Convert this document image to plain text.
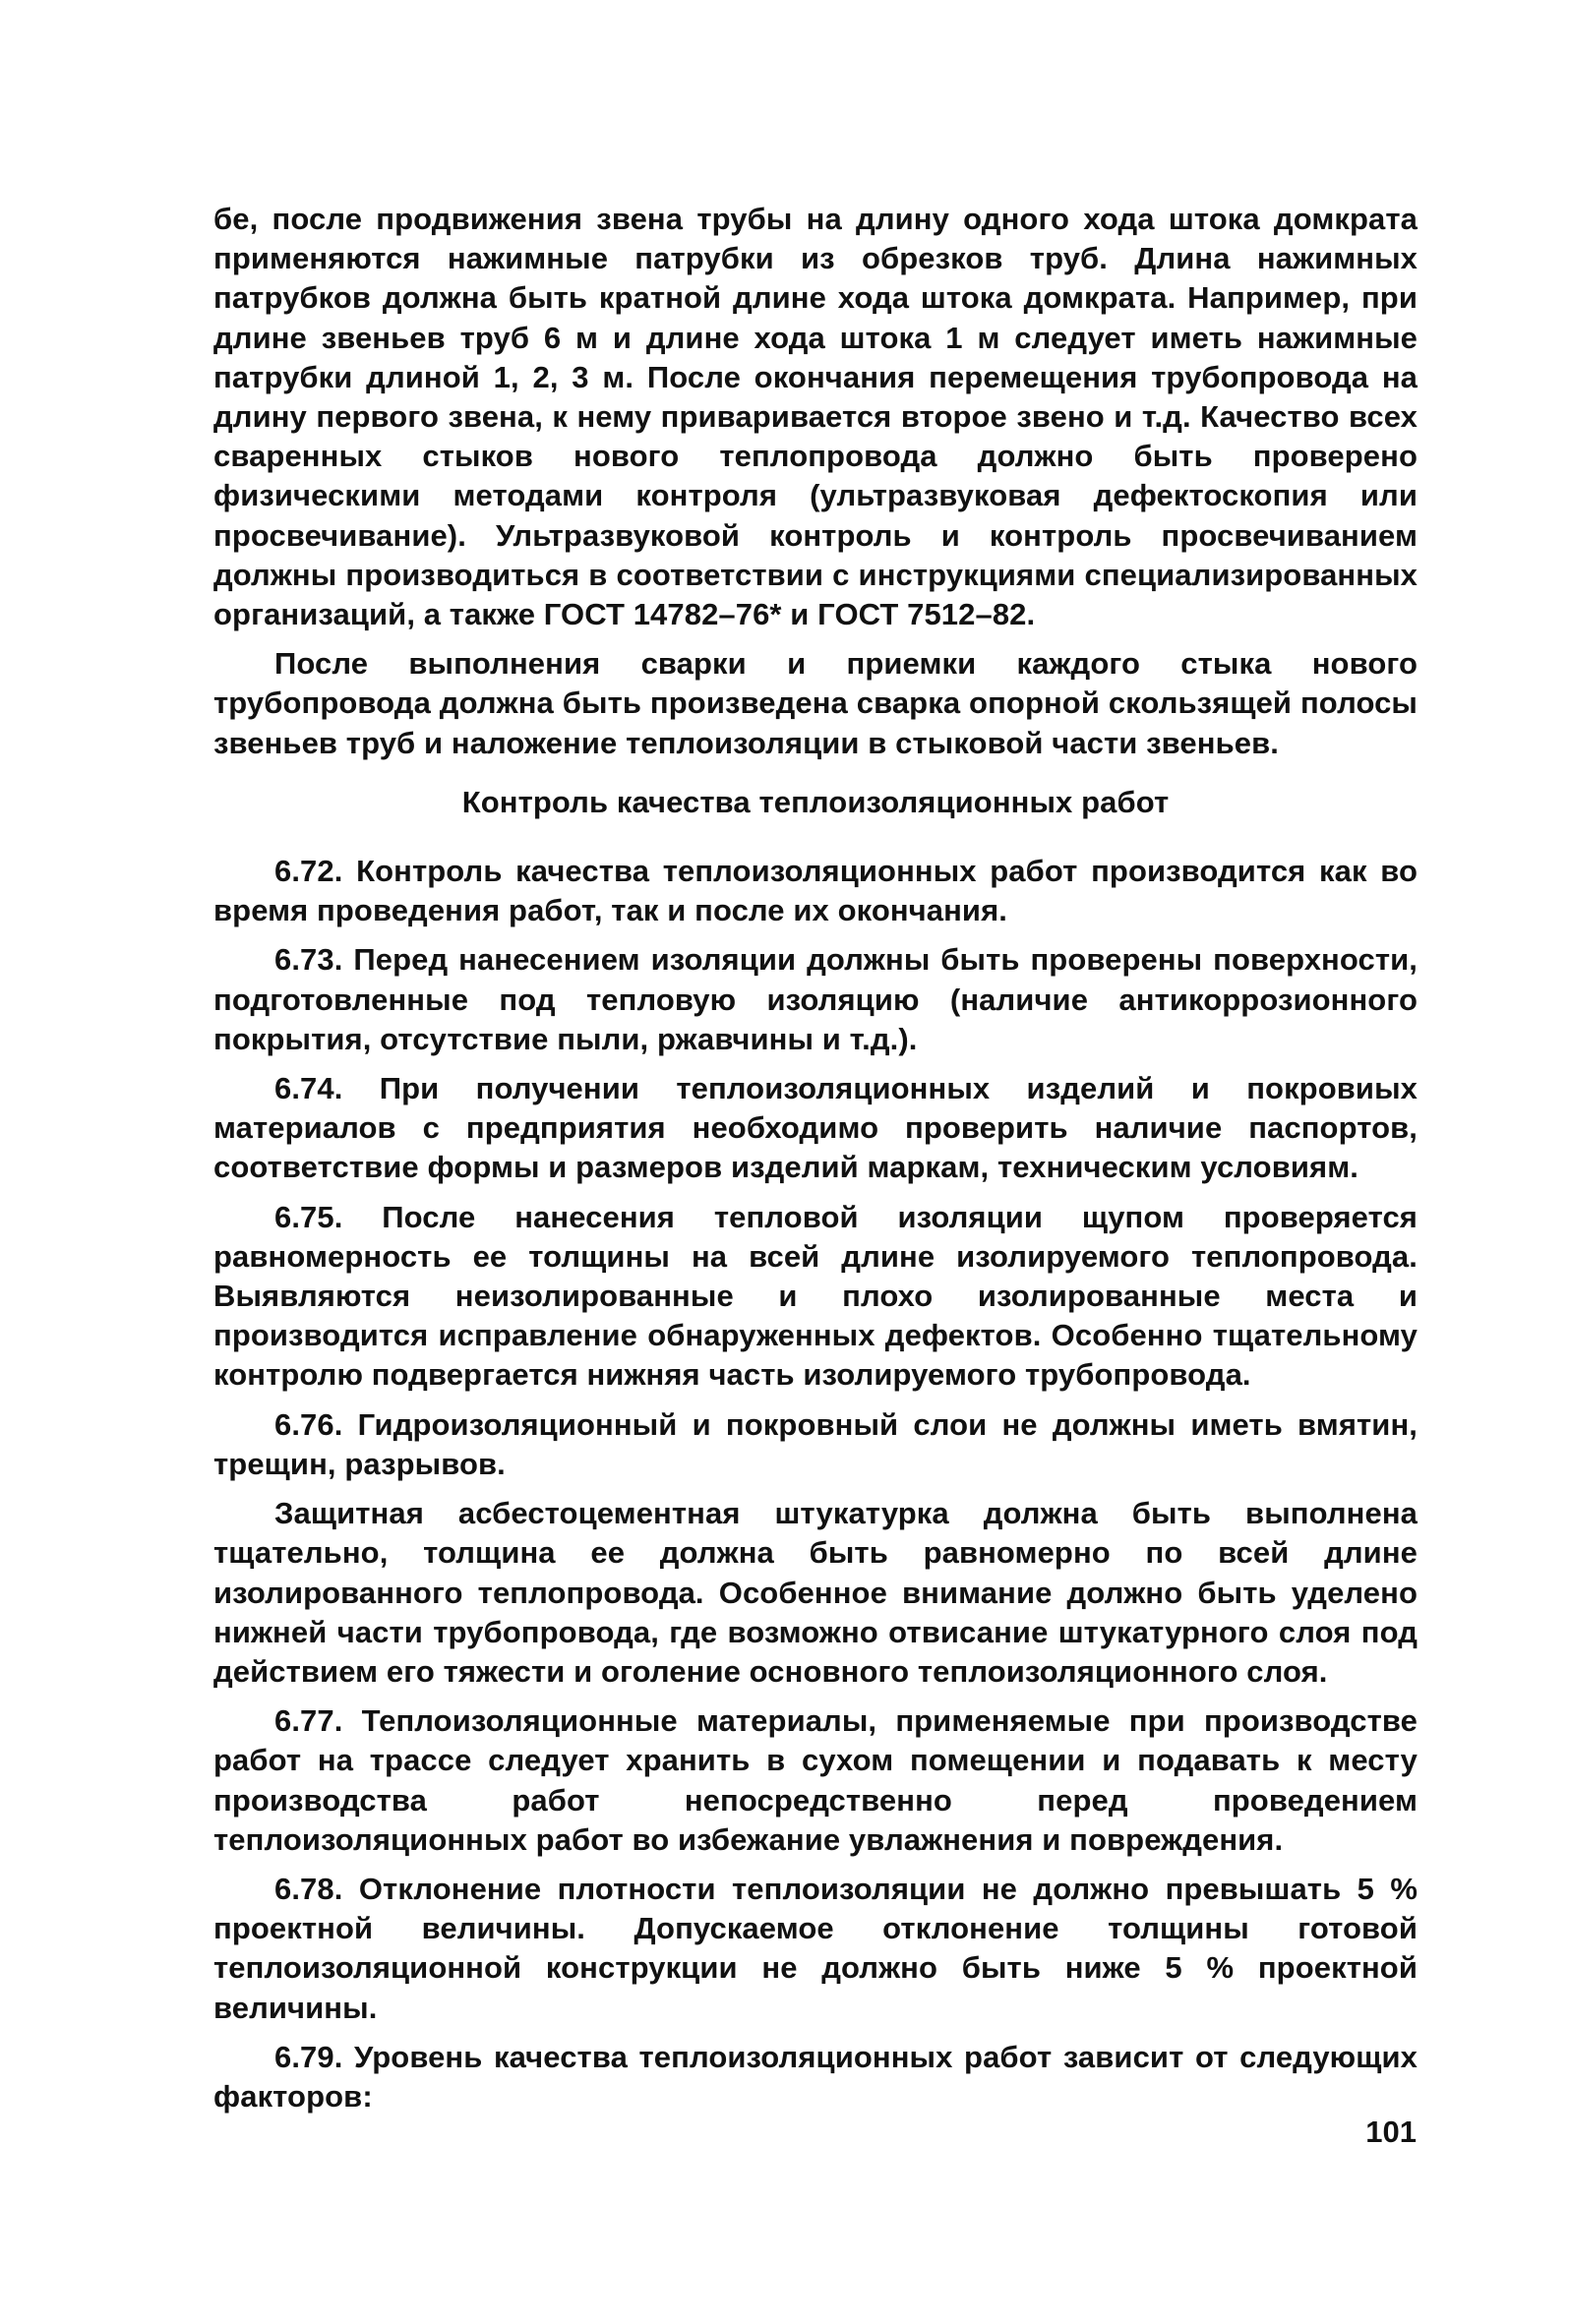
бе, после продвижения звена трубы на длину одного хода штока домкрата применяются нажимные патрубки из обрезков труб. Длина нажимных патрубков должна быть кратной длине хода штока домкрата. Например, при длине звеньев труб 6 м и длине хода штока 1 м следует иметь нажимные патрубки длиной 1, 2, 3 м. После окончания перемещения трубопровода на длину первого звена, к нему приваривается второе звено и т.д. Качество всех сваренных стыков нового теплопровода должно быть проверено физическими методами контроля (ультразвуковая дефектоскопия или просвечивание). Ультразвуковой контроль и контроль просвечиванием должны производиться в соответствии с инструкциями специализированных организаций, а также ГОСТ 14782–76* и ГОСТ 7512–82.

После выполнения сварки и приемки каждого стыка нового трубопровода должна быть произведена сварка опорной скользящей полосы звеньев труб и наложение теплоизоляции в стыковой части звеньев.

Контроль качества теплоизоляционных работ

6.72. Контроль качества теплоизоляционных работ производится как во время проведения работ, так и после их окончания.

6.73. Перед нанесением изоляции должны быть проверены поверхности, подготовленные под тепловую изоляцию (наличие антикоррозионного покрытия, отсутствие пыли, ржавчины и т.д.).

6.74. При получении теплоизоляционных изделий и покровиых материалов с предприятия необходимо проверить наличие паспортов, соответствие формы и размеров изделий маркам, техническим условиям.

6.75. После нанесения тепловой изоляции щупом проверяется равномерность ее толщины на всей длине изолируемого теплопровода. Выявляются неизолированные и плохо изолированные места и производится исправление обнаруженных дефектов. Особенно тщательному контролю подвергается нижняя часть изолируемого трубопровода.

6.76. Гидроизоляционный и покровный слои не должны иметь вмятин, трещин, разрывов.

Защитная асбестоцементная штукатурка должна быть выполнена тщательно, толщина ее должна быть равномерно по всей длине изолированного теплопровода. Особенное внимание должно быть уделено нижней части трубопровода, где возможно отвисание штукатурного слоя под действием его тяжести и оголение основного теплоизоляционного слоя.

6.77. Теплоизоляционные материалы, применяемые при производстве работ на трассе следует хранить в сухом помещении и подавать к месту производства работ непосредственно перед проведением теплоизоляционных работ во избежание увлажнения и повреждения.

6.78. Отклонение плотности теплоизоляции не должно превышать 5 % проектной величины. Допускаемое отклонение толщины готовой теплоизоляционной конструкции не должно быть ниже 5 % проектной величины.

6.79. Уровень качества теплоизоляционных работ зависит от следующих факторов:

101
